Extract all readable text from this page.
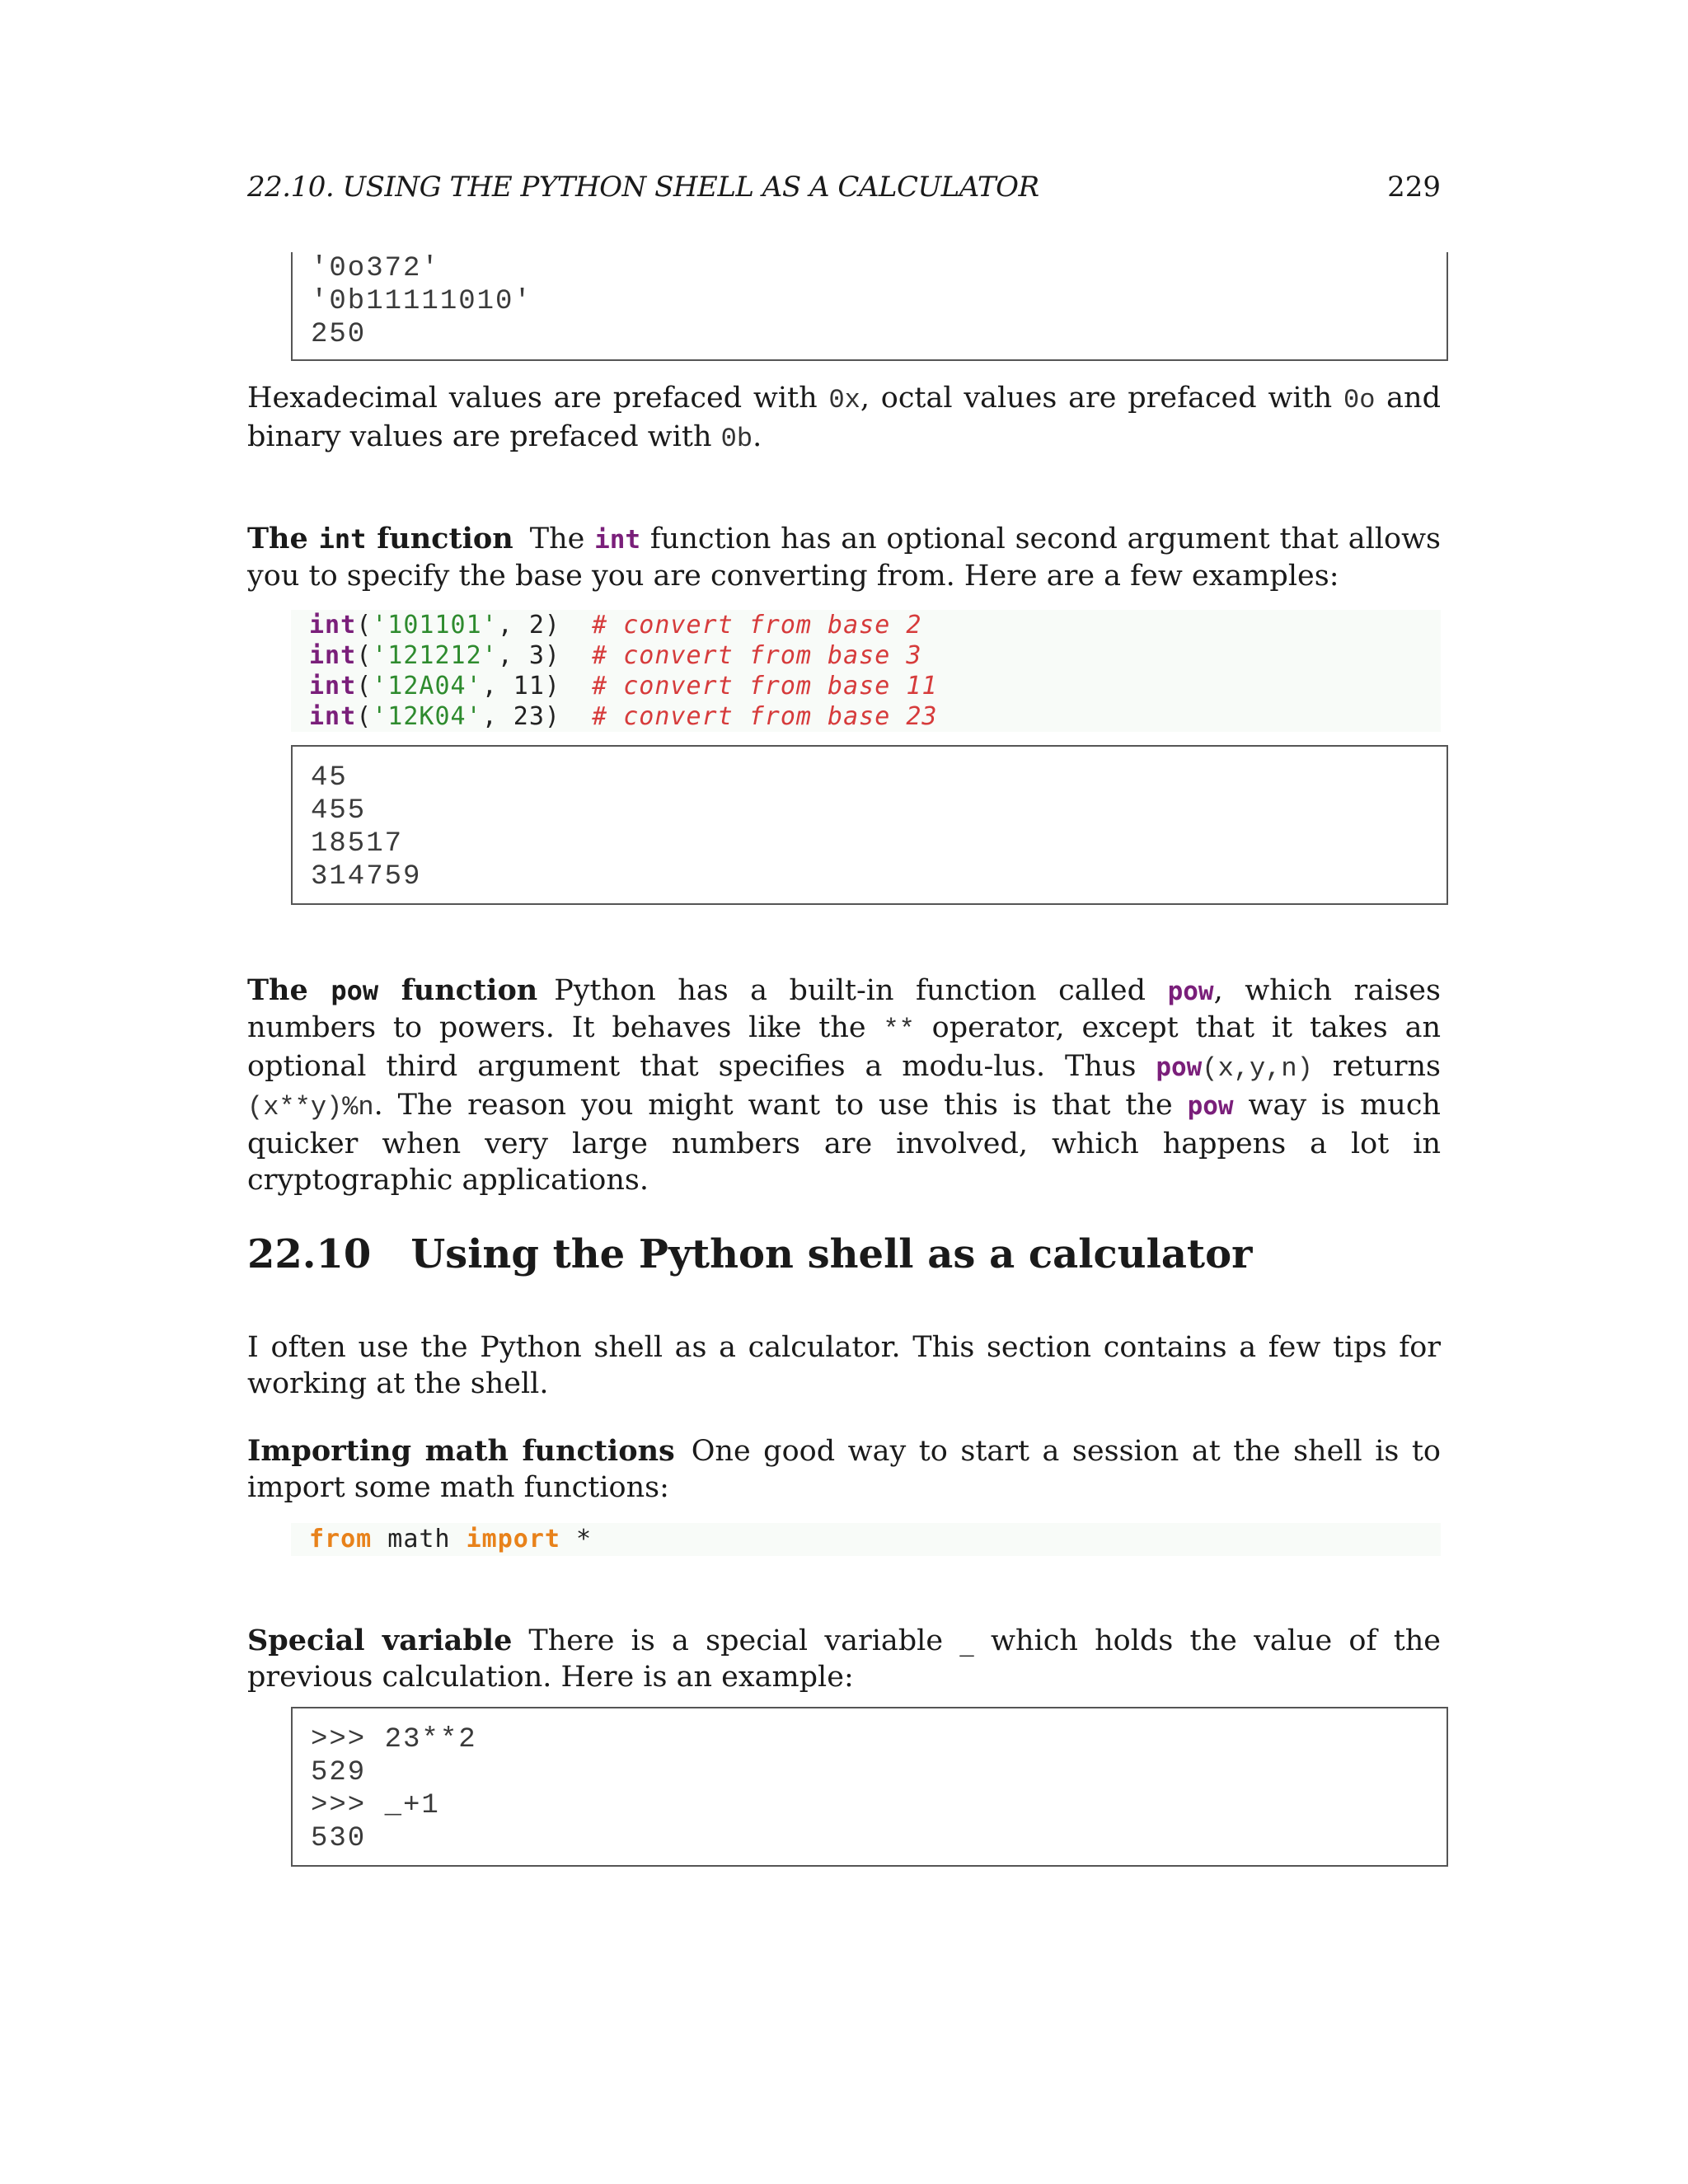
22.10. USING THE PYTHON SHELL AS A CALCULATOR	229
'0o372'
'0b11111010'
250
Hexadecimal values are prefaced with 0x, octal values are prefaced with 0o and binary values are prefaced with 0b.
The int function The int function has an optional second argument that allows you to specify the base you are converting from. Here are a few examples:
int('101101', 2)  # convert from base 2
int('121212', 3)  # convert from base 3
int('12A04', 11)  # convert from base 11
int('12K04', 23)  # convert from base 23
45
455
18517
314759
The pow function Python has a built-in function called pow, which raises numbers to powers. It behaves like the ** operator, except that it takes an optional third argument that specifies a modu-lus. Thus pow(x,y,n) returns (x**y)%n. The reason you might want to use this is that the pow way is much quicker when very large numbers are involved, which happens a lot in cryptographic applications.
22.10 Using the Python shell as a calculator
I often use the Python shell as a calculator. This section contains a few tips for working at the shell.
Importing math functions One good way to start a session at the shell is to import some math functions:
from math import *
Special variable There is a special variable _ which holds the value of the previous calculation. Here is an example:
>>> 23**2
529
>>> _+1
530
